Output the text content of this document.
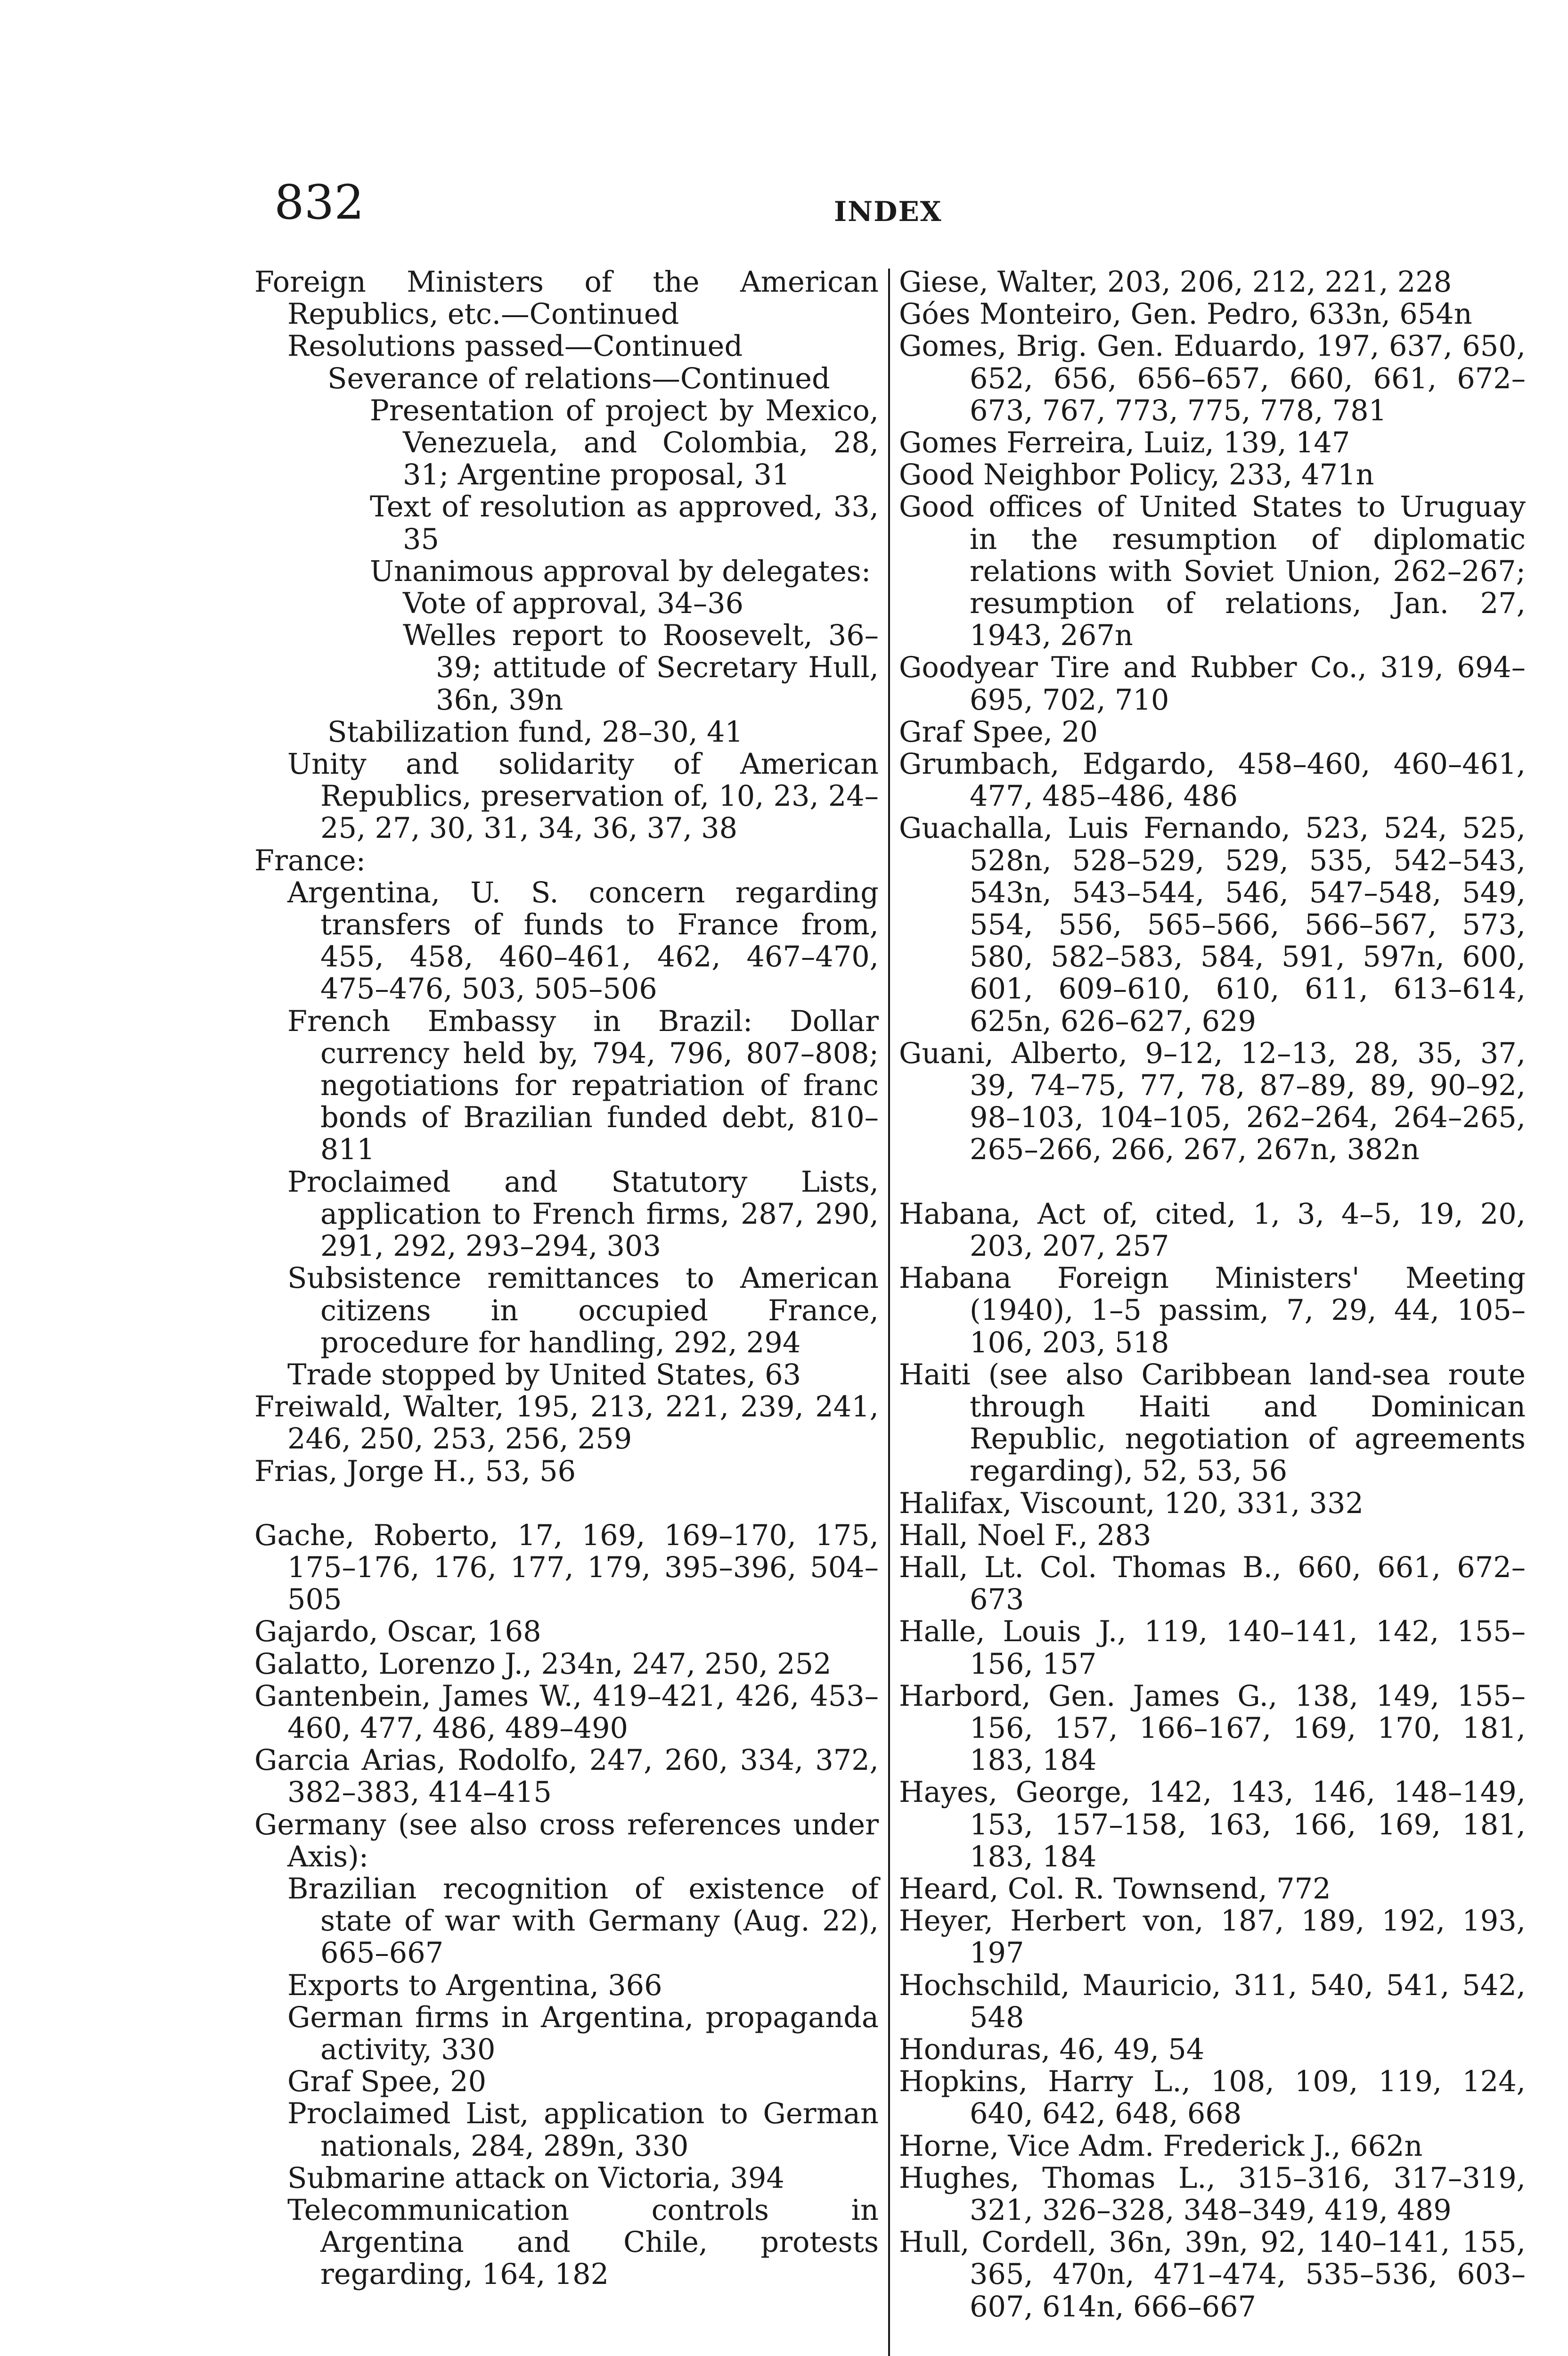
832	INDEX

Foreign Ministers of the American Republics, etc.—Continued

Resolutions passed—Continued

Severance of relations—Continued

Presentation of project by Mexico, Venezuela, and Colombia, 28, 31; Argentine proposal, 31

Text of resolution as approved, 33, 35

Unanimous approval by delegates:

Vote of approval, 34–36

Welles report to Roosevelt, 36–39; attitude of Secretary Hull, 36n, 39n

Stabilization fund, 28–30, 41

Unity and solidarity of American Republics, preservation of, 10, 23, 24–25, 27, 30, 31, 34, 36, 37, 38

France:

Argentina, U. S. concern regarding transfers of funds to France from, 455, 458, 460–461, 462, 467–470, 475–476, 503, 505–506

French Embassy in Brazil: Dollar currency held by, 794, 796, 807–808; negotiations for repatriation of franc bonds of Brazilian funded debt, 810–811

Proclaimed and Statutory Lists, application to French firms, 287, 290, 291, 292, 293–294, 303

Subsistence remittances to American citizens in occupied France, procedure for handling, 292, 294

Trade stopped by United States, 63

Freiwald, Walter, 195, 213, 221, 239, 241, 246, 250, 253, 256, 259

Frias, Jorge H., 53, 56

Gache, Roberto, 17, 169, 169–170, 175, 175–176, 176, 177, 179, 395–396, 504–505

Gajardo, Oscar, 168

Galatto, Lorenzo J., 234n, 247, 250, 252

Gantenbein, James W., 419–421, 426, 453–460, 477, 486, 489–490

Garcia Arias, Rodolfo, 247, 260, 334, 372, 382–383, 414–415

Germany (see also cross references under Axis):

Brazilian recognition of existence of state of war with Germany (Aug. 22), 665–667

Exports to Argentina, 366

German firms in Argentina, propaganda activity, 330

Graf Spee, 20

Proclaimed List, application to German nationals, 284, 289n, 330

Submarine attack on Victoria, 394

Telecommunication controls in Argentina and Chile, protests regarding, 164, 182

Giese, Walter, 203, 206, 212, 221, 228

Góes Monteiro, Gen. Pedro, 633n, 654n

Gomes, Brig. Gen. Eduardo, 197, 637, 650, 652, 656, 656–657, 660, 661, 672–673, 767, 773, 775, 778, 781

Gomes Ferreira, Luiz, 139, 147

Good Neighbor Policy, 233, 471n

Good offices of United States to Uruguay in the resumption of diplomatic relations with Soviet Union, 262–267; resumption of relations, Jan. 27, 1943, 267n

Goodyear Tire and Rubber Co., 319, 694–695, 702, 710

Graf Spee, 20

Grumbach, Edgardo, 458–460, 460–461, 477, 485–486, 486

Guachalla, Luis Fernando, 523, 524, 525, 528n, 528–529, 529, 535, 542–543, 543n, 543–544, 546, 547–548, 549, 554, 556, 565–566, 566–567, 573, 580, 582–583, 584, 591, 597n, 600, 601, 609–610, 610, 611, 613–614, 625n, 626–627, 629

Guani, Alberto, 9–12, 12–13, 28, 35, 37, 39, 74–75, 77, 78, 87–89, 89, 90–92, 98–103, 104–105, 262–264, 264–265, 265–266, 266, 267, 267n, 382n

Habana, Act of, cited, 1, 3, 4–5, 19, 20, 203, 207, 257

Habana Foreign Ministers' Meeting (1940), 1–5 passim, 7, 29, 44, 105–106, 203, 518

Haiti (see also Caribbean land-sea route through Haiti and Dominican Republic, negotiation of agreements regarding), 52, 53, 56

Halifax, Viscount, 120, 331, 332

Hall, Noel F., 283

Hall, Lt. Col. Thomas B., 660, 661, 672–673

Halle, Louis J., 119, 140–141, 142, 155–156, 157

Harbord, Gen. James G., 138, 149, 155–156, 157, 166–167, 169, 170, 181, 183, 184

Hayes, George, 142, 143, 146, 148–149, 153, 157–158, 163, 166, 169, 181, 183, 184

Heard, Col. R. Townsend, 772

Heyer, Herbert von, 187, 189, 192, 193, 197

Hochschild, Mauricio, 311, 540, 541, 542, 548

Honduras, 46, 49, 54

Hopkins, Harry L., 108, 109, 119, 124, 640, 642, 648, 668

Horne, Vice Adm. Frederick J., 662n

Hughes, Thomas L., 315–316, 317–319, 321, 326–328, 348–349, 419, 489

Hull, Cordell, 36n, 39n, 92, 140–141, 155, 365, 470n, 471–474, 535–536, 603–607, 614n, 666–667
